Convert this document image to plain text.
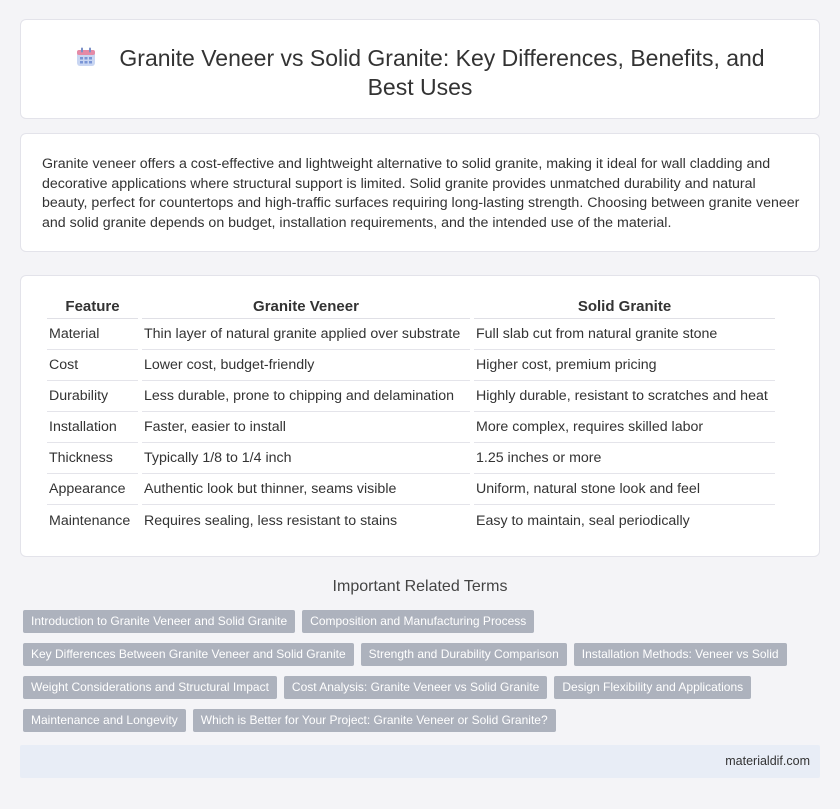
Granite Veneer vs Solid Granite: Key Differences, Benefits, and Best Uses

Granite veneer offers a cost-effective and lightweight alternative to solid granite, making it ideal for wall cladding and decorative applications where structural support is limited. Solid granite provides unmatched durability and natural beauty, perfect for countertops and high-traffic surfaces requiring long-lasting strength. Choosing between granite veneer and solid granite depends on budget, installation requirements, and the intended use of the material.

Feature	Granite Veneer	Solid Granite
Material	Thin layer of natural granite applied over substrate	Full slab cut from natural granite stone
Cost	Lower cost, budget-friendly	Higher cost, premium pricing
Durability	Less durable, prone to chipping and delamination	Highly durable, resistant to scratches and heat
Installation	Faster, easier to install	More complex, requires skilled labor
Thickness	Typically 1/8 to 1/4 inch	1.25 inches or more
Appearance	Authentic look but thinner, seams visible	Uniform, natural stone look and feel
Maintenance	Requires sealing, less resistant to stains	Easy to maintain, seal periodically
Important Related Terms
Introduction to Granite Veneer and Solid Granite	Composition and Manufacturing Process
Key Differences Between Granite Veneer and Solid Granite	Strength and Durability Comparison	Installation Methods: Veneer vs Solid
Weight Considerations and Structural Impact	Cost Analysis: Granite Veneer vs Solid Granite	Design Flexibility and Applications
Maintenance and Longevity	Which is Better for Your Project: Granite Veneer or Solid Granite?
materialdif.com
